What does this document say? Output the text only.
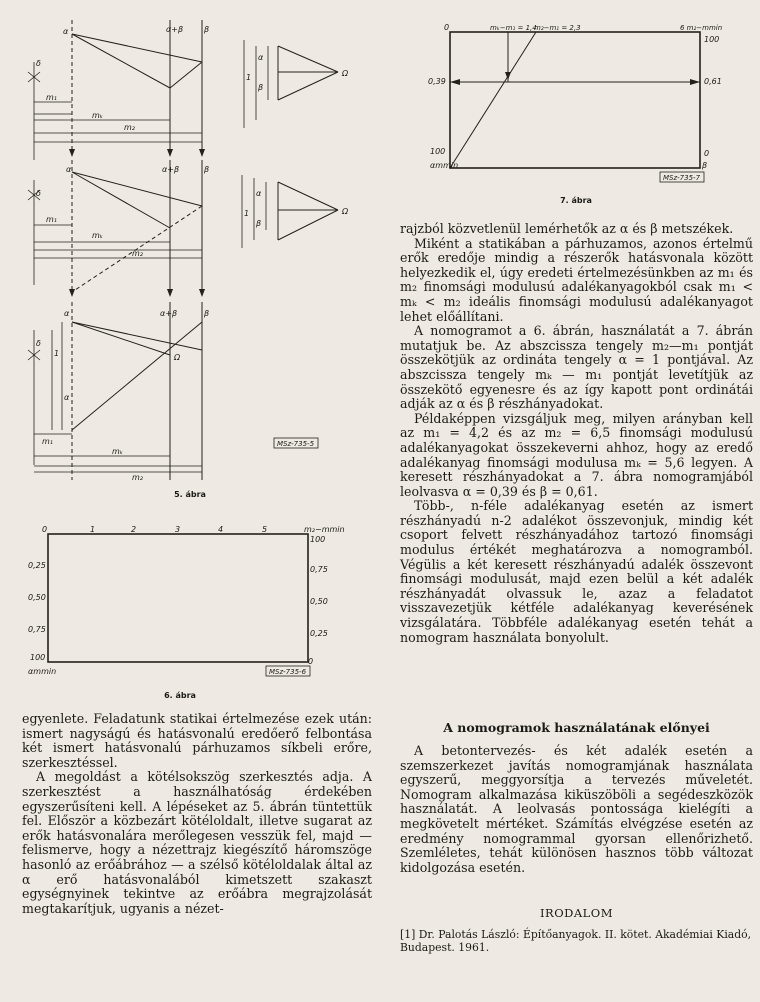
α	α+β	β
δ
m₁
mₖ
m₂
α
β
1	Ω
α	α+β	β
δ
m₁
mₖ
m₂
α
β
1	Ω
α	α+β	β
δ
1
α
Ω
m₁
mₖ
m₂
MSz-735-5
5. ábra
0	1	2	3	4	5	m₂−mmin
0,25
0,50
0,75
100
αmmin
100
0,75
0,50
0,25
0
MSz-735-6
6. ábra
0	mₖ−m₁ = 1,4
m₂−m₁ = 2,3	6 m₂−mmin
100
0,39	0,61
100
αmmin
0
β
MSz-735-7
7. ábra

rajzból közvetlenül lemérhetők az α és β metszékek.

Miként a statikában a párhuzamos, azonos értelmű erők eredője mindig a részerők hatásvonala között helyezkedik el, úgy eredeti értelmezésünkben az m₁ és m₂ finomsági modulusú adalékanyagokból csak m₁ < mₖ < m₂ ideális finomsági modulusú adalékanyagot lehet előállítani.

A nomogramot a 6. ábrán, használatát a 7. ábrán mutatjuk be. Az abszcissza tengely m₂—m₁ pontját összekötjük az ordináta tengely α = 1 pontjával. Az abszcissza tengely mₖ — m₁ pontját levetítjük az összekötő egyenesre és az így kapott pont ordinátái adják az α és β részhányadokat.

Példaképpen vizsgáljuk meg, milyen arányban kell az m₁ = 4,2 és az m₂ = 6,5 finomsági modulusú adalékanyagokat összekeverni ahhoz, hogy az eredő adalékanyag finomsági modulusa mₖ = 5,6 legyen. A keresett részhányadokat a 7. ábra nomogramjából leolvasva α = 0,39 és β = 0,61.

Több-, n-féle adalékanyag esetén az ismert részhányadú n-2 adalékot összevonjuk, mindig két csoport felvett részhányadához tartozó finomsági modulus értékét meghatározva a nomogramból. Végülis a két keresett részhányadú adalék összevont finomsági modulusát, majd ezen belül a két adalék részhányadát olvassuk le, azaz a feladatot visszavezetjük kétféle adalékanyag keverésének vizsgálatára. Többféle adalékanyag esetén tehát a nomogram használata bonyolult.

A nomogramok használatának előnyei

A betontervezés- és két adalék esetén a szemszerkezet javítás nomogramjának használata egyszerű, meggyorsítja a tervezés műveletét. Nomogram alkalmazása kiküszöböli a segédeszközök használatát. A leolvasás pontossága kielégíti a megkövetelt mértéket. Számítás elvégzése esetén az eredmény nomogrammal gyorsan ellenőrizhető. Szemléletes, tehát különösen hasznos több változat kidolgozása esetén.

IRODALOM
[1] Dr. Palotás László: Építőanyagok. II. kötet. Akadémiai Kiadó, Budapest. 1961.

egyenlete. Feladatunk statikai értelmezése ezek után: ismert nagyságú és hatásvonalú eredőerő felbontása két ismert hatásvonalú párhuzamos síkbeli erőre, szerkesztéssel.

A megoldást a kötélsokszög szerkesztés adja. A szerkesztést a használhatóság érdekében egyszerűsíteni kell. A lépéseket az 5. ábrán tüntettük fel. Először a közbezárt kötéloldalt, illetve sugarat az erők hatásvonalára merőlegesen vesszük fel, majd — felismerve, hogy a nézettrajz kiegészítő háromszöge hasonló az erőábrához — a szélső kötéloldalak által az α erő hatásvonalából kimetszett szakaszt egységnyinek tekintve az erőábra megrajzolását megtakarítjuk, ugyanis a nézet-
